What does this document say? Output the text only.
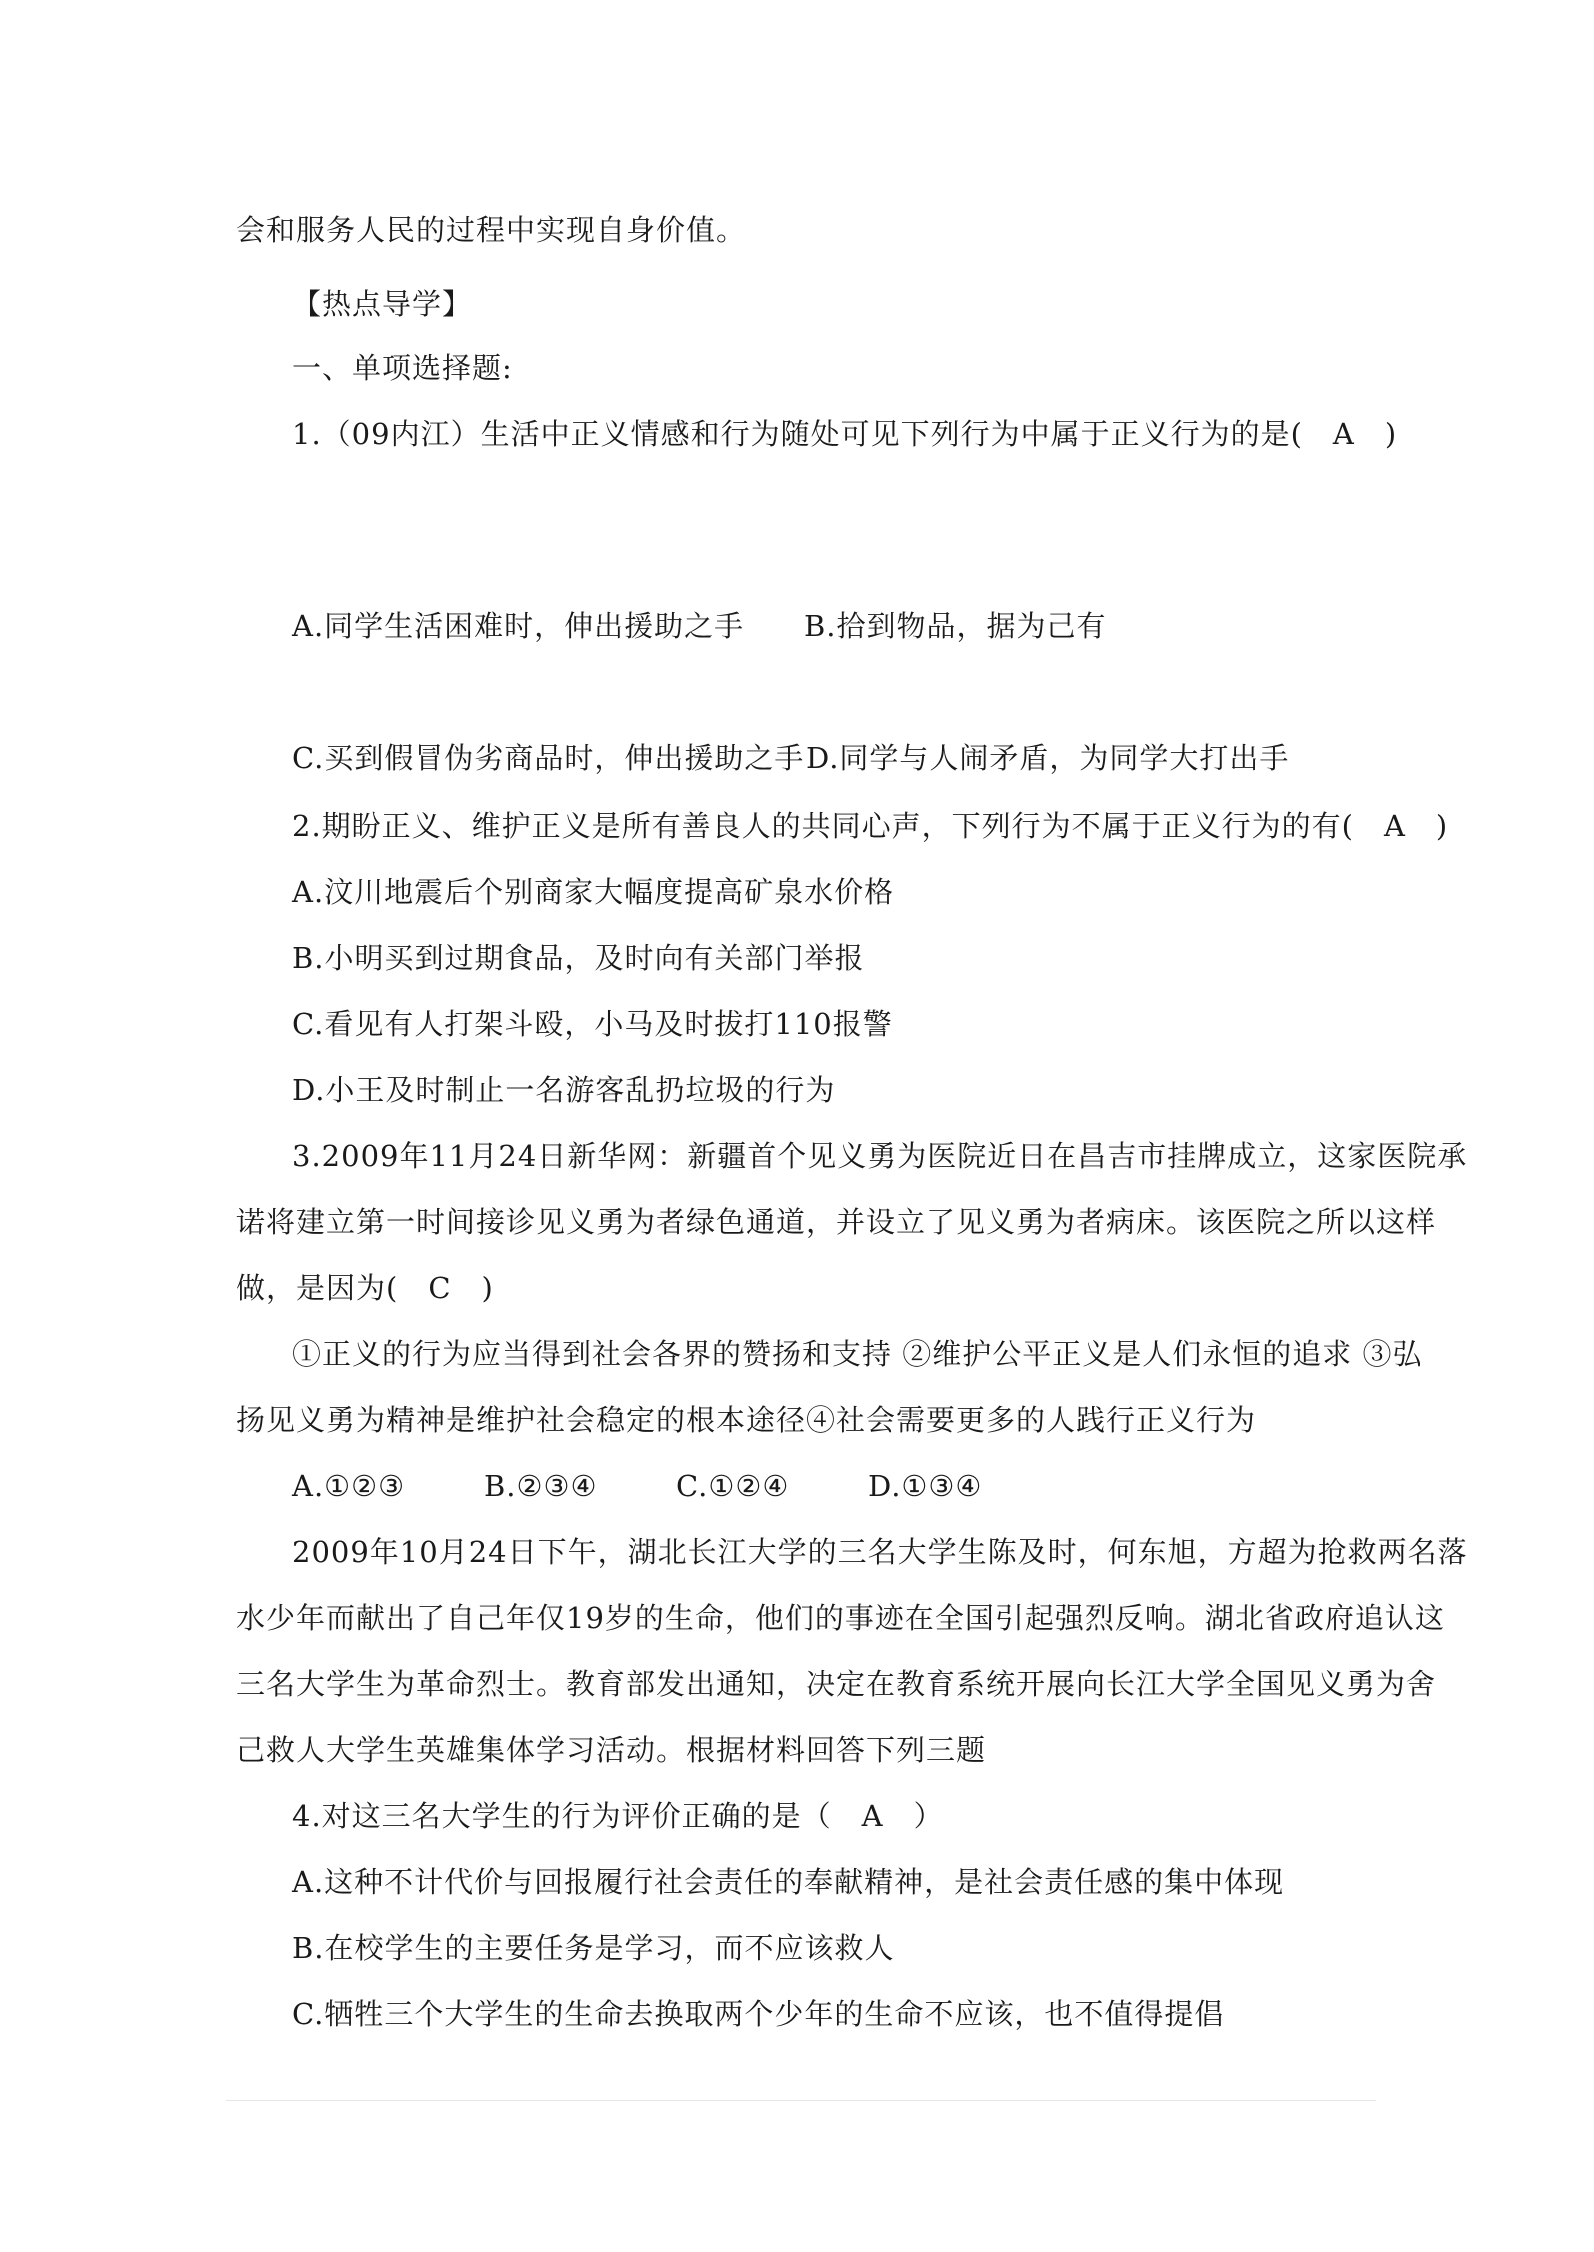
会和服务人民的过程中实现自身价值。
【热点导学】
一、单项选择题:
1.（09内江）生活中正义情感和行为随处可见下列行为中属于正义行为的是(　A　)
A.同学生活困难时，伸出援助之手 B.拾到物品，据为己有
C.买到假冒伪劣商品时，伸出援助之手 D.同学与人闹矛盾，为同学大打出手
2.期盼正义、维护正义是所有善良人的共同心声，下列行为不属于正义行为的有(　A　)
A.汶川地震后个别商家大幅度提高矿泉水价格
B.小明买到过期食品，及时向有关部门举报
C.看见有人打架斗殴，小马及时拔打110报警
D.小王及时制止一名游客乱扔垃圾的行为
3.2009年11月24日新华网：新疆首个见义勇为医院近日在昌吉市挂牌成立，这家医院承
诺将建立第一时间接诊见义勇为者绿色通道，并设立了见义勇为者病床。该医院之所以这样
做，是因为(　C　)
①正义的行为应当得到社会各界的赞扬和支持 ②维护公平正义是人们永恒的追求 ③弘
扬见义勇为精神是维护社会稳定的根本途径④社会需要更多的人践行正义行为
A.①②③	B.②③④	C.①②④	D.①③④
2009年10月24日下午，湖北长江大学的三名大学生陈及时，何东旭，方超为抢救两名落
水少年而献出了自己年仅19岁的生命，他们的事迹在全国引起强烈反响。湖北省政府追认这
三名大学生为革命烈士。教育部发出通知，决定在教育系统开展向长江大学全国见义勇为舍
己救人大学生英雄集体学习活动。根据材料回答下列三题
4.对这三名大学生的行为评价正确的是（　A　）
A.这种不计代价与回报履行社会责任的奉献精神，是社会责任感的集中体现
B.在校学生的主要任务是学习，而不应该救人
C.牺牲三个大学生的生命去换取两个少年的生命不应该，也不值得提倡
